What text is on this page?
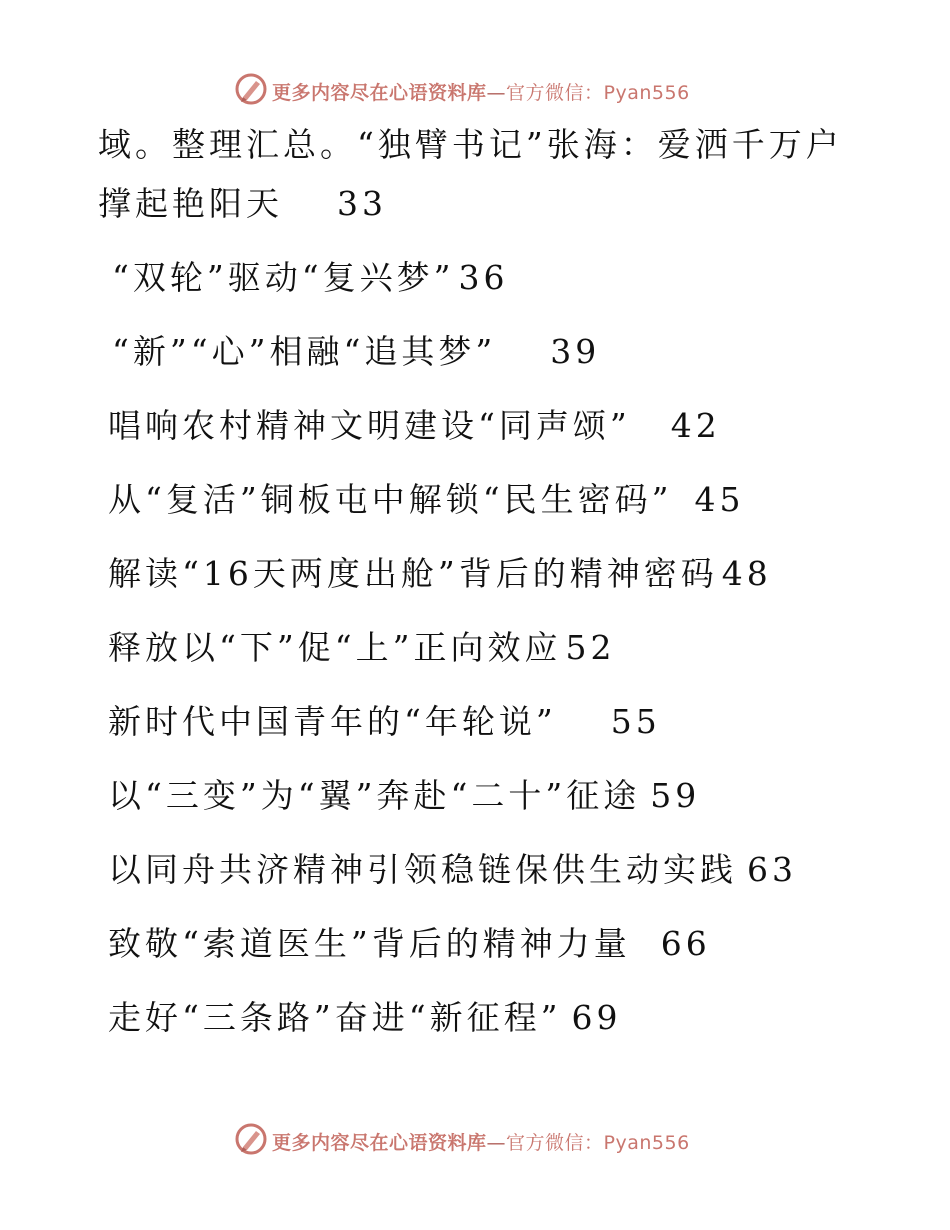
更多内容尽在心语资料库—官方微信：Pyan556
域。整理汇总。“独臂书记”张海：爱洒千万户
撑起艳阳天 33
“双轮”驱动“复兴梦” 36
“新”“心”相融“追其梦” 39
唱响农村精神文明建设“同声颂” 42
从“复活”铜板屯中解锁“民生密码” 45
解读“16天两度出舱”背后的精神密码 48
释放以“下”促“上”正向效应 52
新时代中国青年的“年轮说” 55
以“三变”为“翼”奔赴“二十”征途 59
以同舟共济精神引领稳链保供生动实践 63
致敬“索道医生”背后的精神力量 66
走好“三条路”奋进“新征程” 69
更多内容尽在心语资料库—官方微信：Pyan556
